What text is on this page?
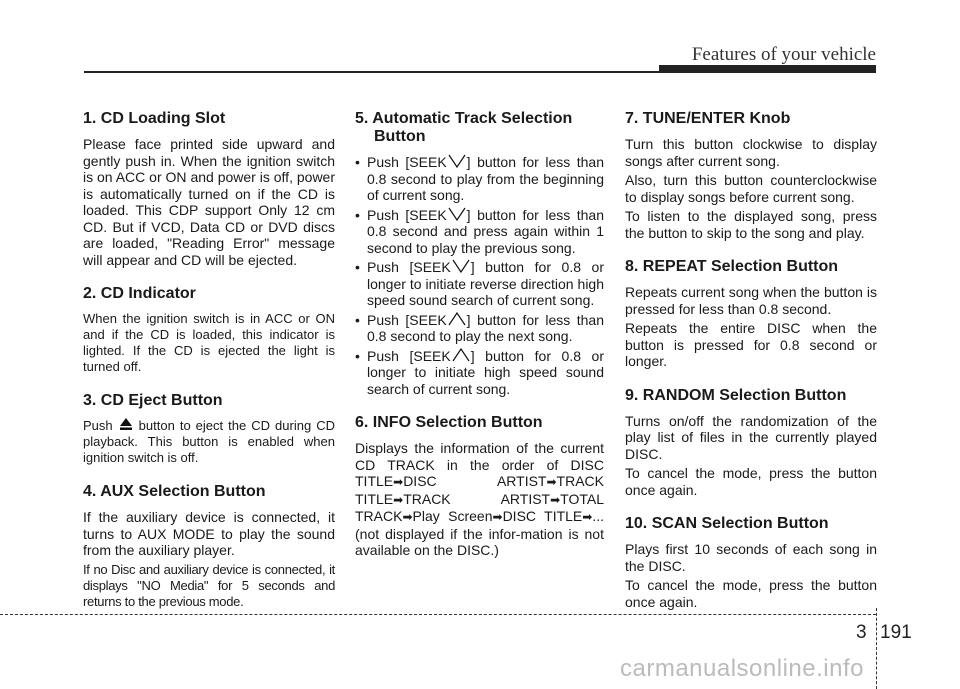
Features of your vehicle
1. CD Loading Slot

Please face printed side upward and gently push in. When the ignition switch is on ACC or ON and power is off, power is automatically turned on if the CD is loaded. This CDP support Only 12 cm CD. But if VCD, Data CD or DVD discs are loaded, "Reading Error" message will appear and CD will be ejected.

2. CD Indicator

When the ignition switch is in ACC or ON and if the CD is loaded, this indicator is lighted. If the CD is ejected the light is turned off.

3. CD Eject Button

Push button to eject the CD during CD playback. This button is enabled when ignition switch is off.

4. AUX Selection Button

If the auxiliary device is connected, it turns to AUX MODE to play the sound from the auxiliary player.

If no Disc and auxiliary device is connected, it displays "NO Media" for 5 seconds and returns to the previous mode.

5. Automatic Track Selection
Button
• Push [SEEK ] button for less than 0.8 second to play from the beginning of current song.
• Push [SEEK ] button for less than 0.8 second and press again within 1 second to play the previous song.
• Push [SEEK ] button for 0.8 or longer to initiate reverse direction high speed sound search of current song.
• Push [SEEK ] button for less than 0.8 second to play the next song.
• Push [SEEK ] button for 0.8 or longer to initiate high speed sound search of current song.
6. INFO Selection Button

Displays the information of the current CD TRACK in the order of DISC TITLE➡DISC ARTIST➡TRACK TITLE➡TRACK ARTIST➡TOTAL TRACK➡Play Screen➡DISC TITLE➡... (not displayed if the infor-mation is not available on the DISC.)

7. TUNE/ENTER Knob

Turn this button clockwise to display songs after current song.

Also, turn this button counterclockwise to display songs before current song.

To listen to the displayed song, press the button to skip to the song and play.

8. REPEAT Selection Button

Repeats current song when the button is pressed for less than 0.8 second.

Repeats the entire DISC when the button is pressed for 0.8 second or longer.

9. RANDOM Selection Button

Turns on/off the randomization of the play list of files in the currently played DISC.

To cancel the mode, press the button once again.

10. SCAN Selection Button

Plays first 10 seconds of each song in the DISC.

To cancel the mode, press the button once again.

3 191
carmanualsonline.info
